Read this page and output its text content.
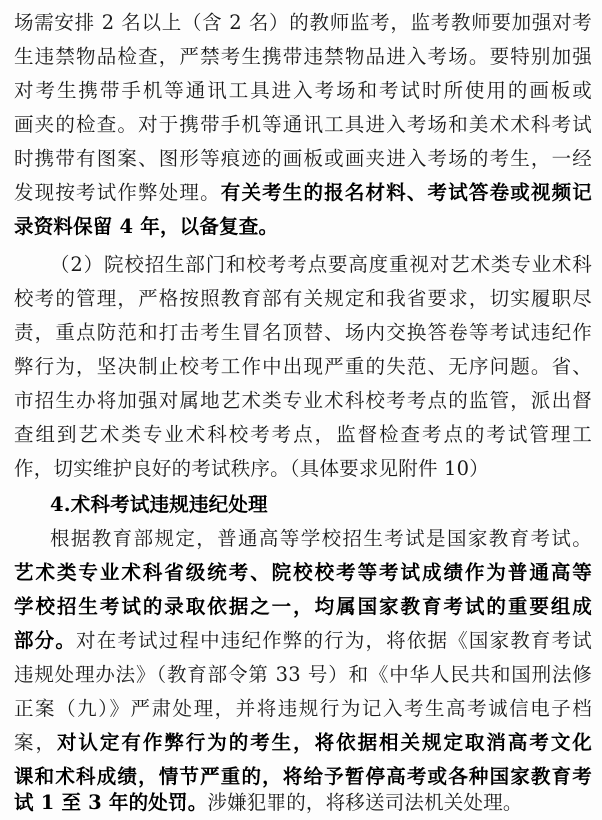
场需安排 2 名以上（含 2 名）的教师监考，监考教师要加强对考
生违禁物品检查，严禁考生携带违禁物品进入考场。要特别加强
对考生携带手机等通讯工具进入考场和考试时所使用的画板或
画夹的检查。对于携带手机等通讯工具进入考场和美术术科考试
时携带有图案、图形等痕迹的画板或画夹进入考场的考生，一经
发现按考试作弊处理。有关考生的报名材料、考试答卷或视频记
录资料保留 4 年，以备复查。
（2）院校招生部门和校考考点要高度重视对艺术类专业术科
校考的管理，严格按照教育部有关规定和我省要求，切实履职尽
责，重点防范和打击考生冒名顶替、场内交换答卷等考试违纪作
弊行为，坚决制止校考工作中出现严重的失范、无序问题。省、
市招生办将加强对属地艺术类专业术科校考考点的监管，派出督
查组到艺术类专业术科校考考点，监督检查考点的考试管理工
作，切实维护良好的考试秩序。（具体要求见附件 10）
4.术科考试违规违纪处理
根据教育部规定，普通高等学校招生考试是国家教育考试。
艺术类专业术科省级统考、院校校考等考试成绩作为普通高等
学校招生考试的录取依据之一，均属国家教育考试的重要组成
部分。对在考试过程中违纪作弊的行为，将依据《国家教育考试
违规处理办法》（教育部令第 33 号）和《中华人民共和国刑法修
正案（九）》严肃处理，并将违规行为记入考生高考诚信电子档
案，对认定有作弊行为的考生，将依据相关规定取消高考文化
课和术科成绩，情节严重的，将给予暂停高考或各种国家教育考
试 1 至 3 年的处罚。涉嫌犯罪的，将移送司法机关处理。
